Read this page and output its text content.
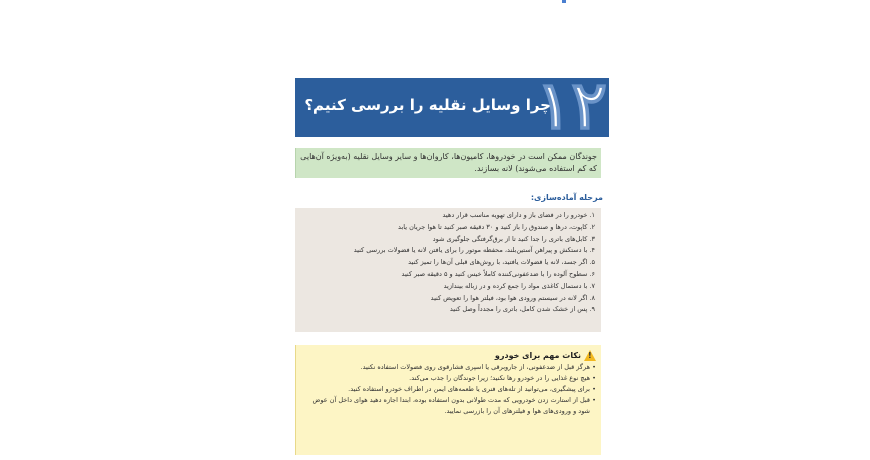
چرا وسایل نقلیه را بررسی کنیم؟
۱۲
جوندگان ممکن است در خودروها، کامیون‌ها، کاروان‌ها و سایر وسایل نقلیه (به‌ویژه آن‌هایی که کم استفاده می‌شوند) لانه بسازند.
مرحله آماده‌سازی:
۱. خودرو را در فضای باز و دارای تهویه مناسب قرار دهید
۲. کاپوت، درها و صندوق را باز کنید و ۳۰ دقیقه صبر کنید تا هوا جریان یابد
۳. کابل‌های باتری را جدا کنید تا از برق‌گرفتگی جلوگیری شود
۴. با دستکش و پیراهن آستین‌بلند، محفظه موتور را برای یافتن لانه یا فضولات بررسی کنید
۵. اگر جسد، لانه یا فضولات یافتید، با روش‌های قبلی آن‌ها را تمیز کنید
۶. سطوح آلوده را با ضدعفونی‌کننده کاملاً خیس کنید و ۵ دقیقه صبر کنید
۷. با دستمال کاغذی مواد را جمع کرده و در زباله بیندازید
۸. اگر لانه در سیستم ورودی هوا بود، فیلتر هوا را تعویض کنید
۹. پس از خشک شدن کامل، باتری را مجدداً وصل کنید
!
نکات مهم برای خودرو
• هرگز قبل از ضدعفونی، از جاروبرقی یا اسپری فشارقوی روی فضولات استفاده نکنید.
• هیچ نوع غذایی را در خودرو رها نکنید؛ زیرا جوندگان را جذب می‌کند.
• برای پیشگیری، می‌توانید از تله‌های فنری یا طعمه‌های ایمن در اطراف خودرو استفاده کنید.
• قبل از استارت زدن خودرویی که مدت طولانی بدون استفاده بوده، ابتدا اجازه دهید هوای داخل آن عوض شود و ورودی‌های هوا و فیلترهای آن را بازرسی نمایید.
